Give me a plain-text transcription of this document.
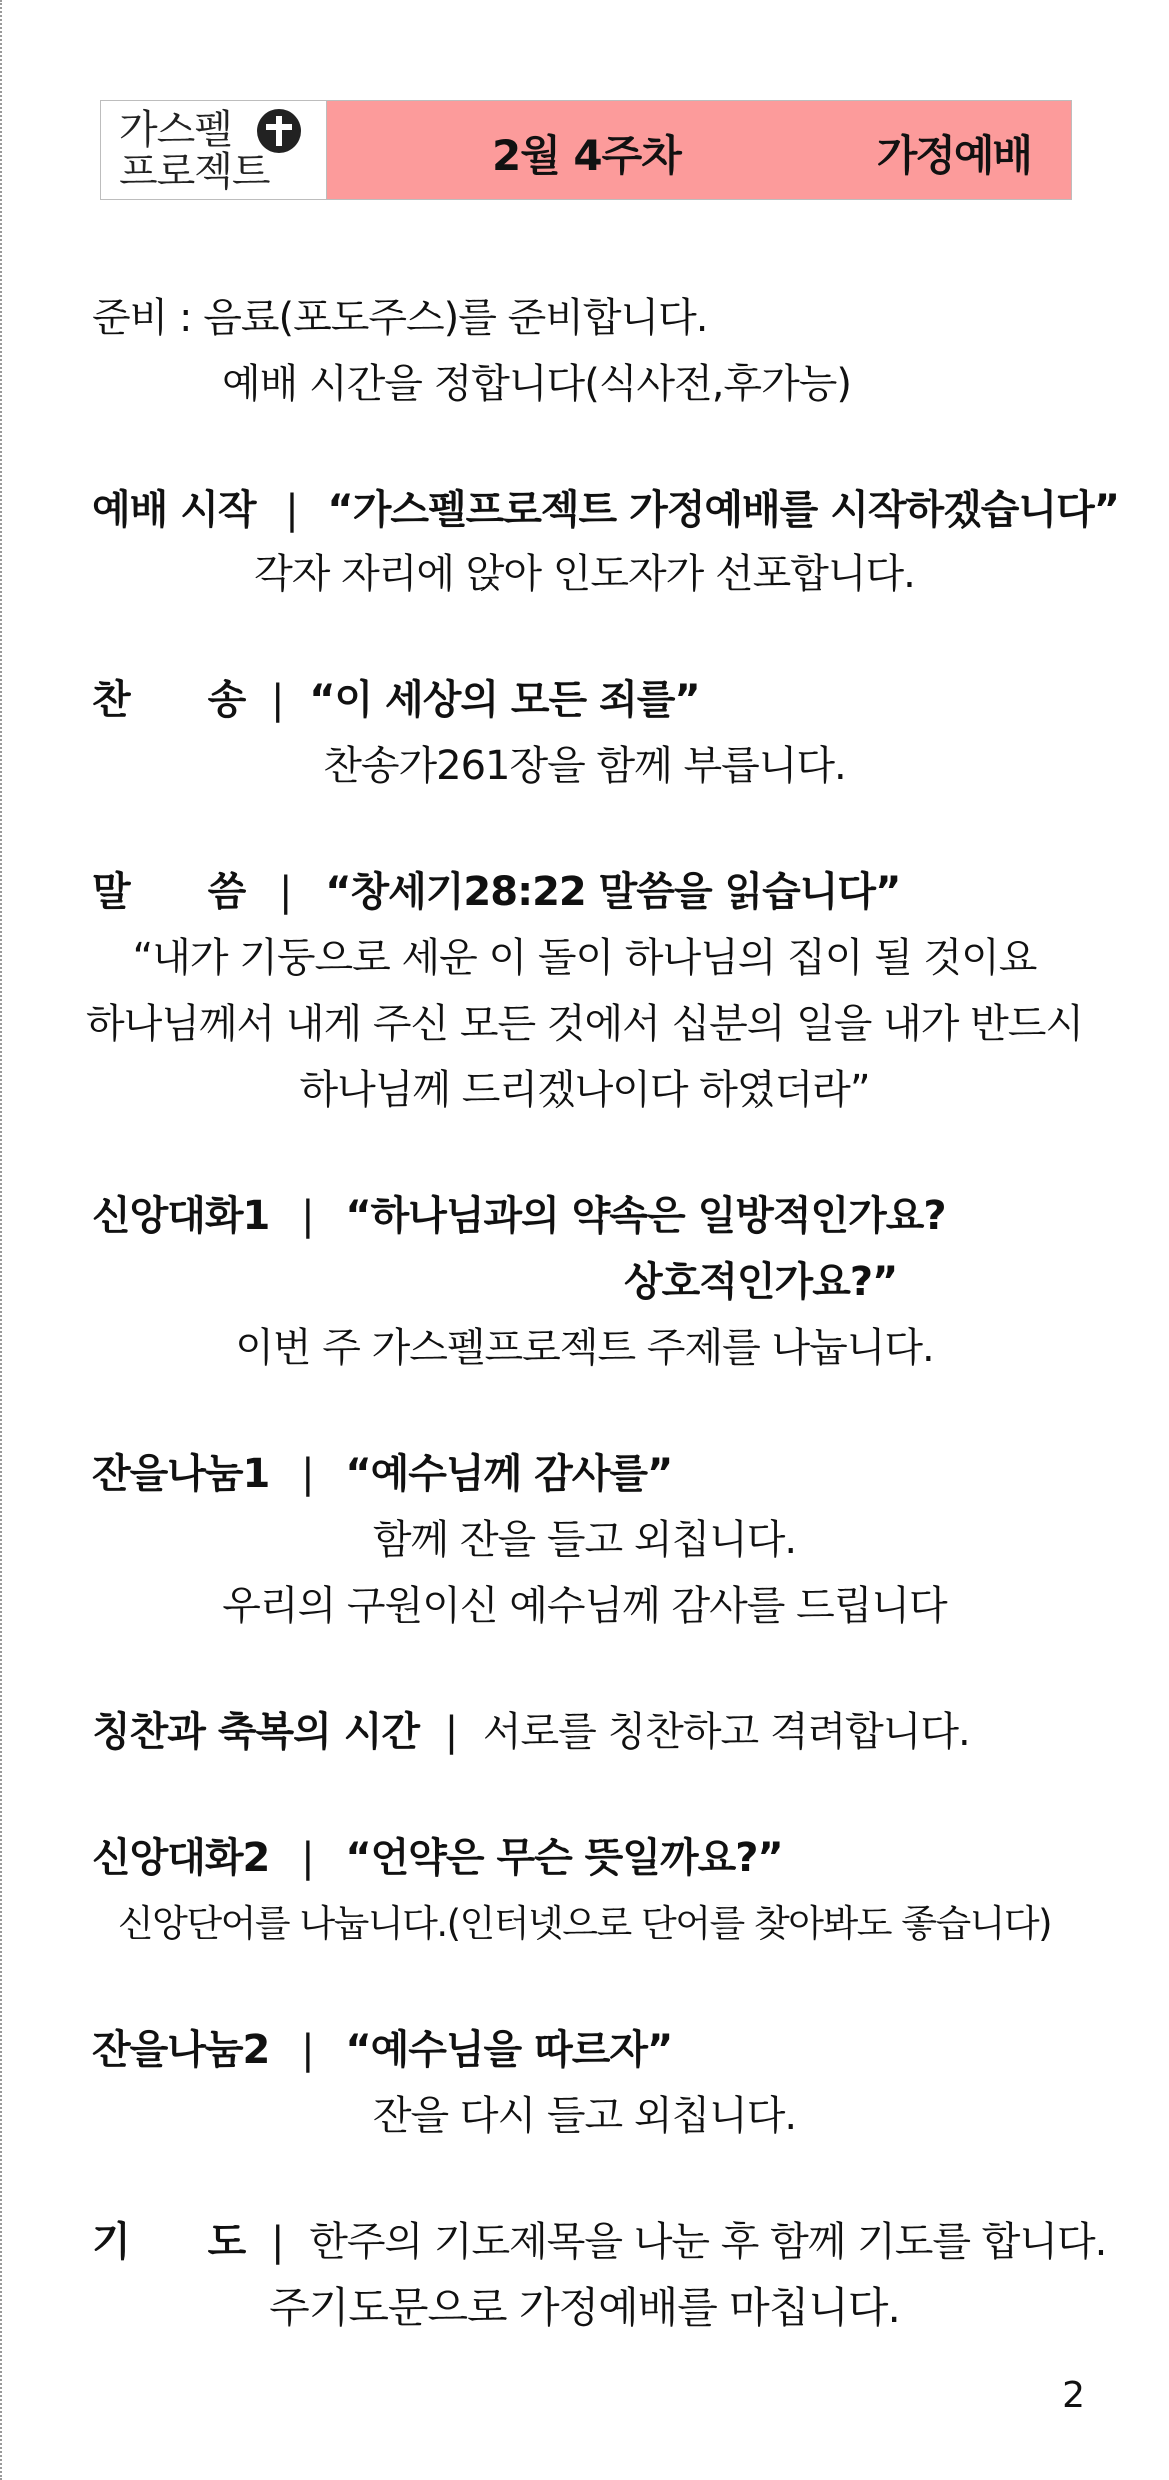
가스펠
프로젝트	2월 4주차	가정예배
준비 : 음료(포도주스)를 준비합니다.
예배 시간을 정합니다(식사전,후가능)
예배 시작 | “가스펠프로젝트 가정예배를 시작하겠습니다”
각자 자리에 앉아 인도자가 선포합니다.
찬　　송 | “이 세상의 모든 죄를”
찬송가261장을 함께 부릅니다.
말　　씀 | “창세기28:22 말씀을 읽습니다”
“내가 기둥으로 세운 이 돌이 하나님의 집이 될 것이요
하나님께서 내게 주신 모든 것에서 십분의 일을 내가 반드시
하나님께 드리겠나이다 하였더라”
신앙대화1 | “하나님과의 약속은 일방적인가요?
상호적인가요?”
이번 주 가스펠프로젝트 주제를 나눕니다.
잔을나눔1 | “예수님께 감사를”
함께 잔을 들고 외칩니다.
우리의 구원이신 예수님께 감사를 드립니다
칭찬과 축복의 시간 | 서로를 칭찬하고 격려합니다.
신앙대화2 | “언약은 무슨 뜻일까요?”
신앙단어를 나눕니다.(인터넷으로 단어를 찾아봐도 좋습니다)
잔을나눔2 | “예수님을 따르자”
잔을 다시 들고 외칩니다.
기　　도 | 한주의 기도제목을 나눈 후 함께 기도를 합니다.
주기도문으로 가정예배를 마칩니다.
2
